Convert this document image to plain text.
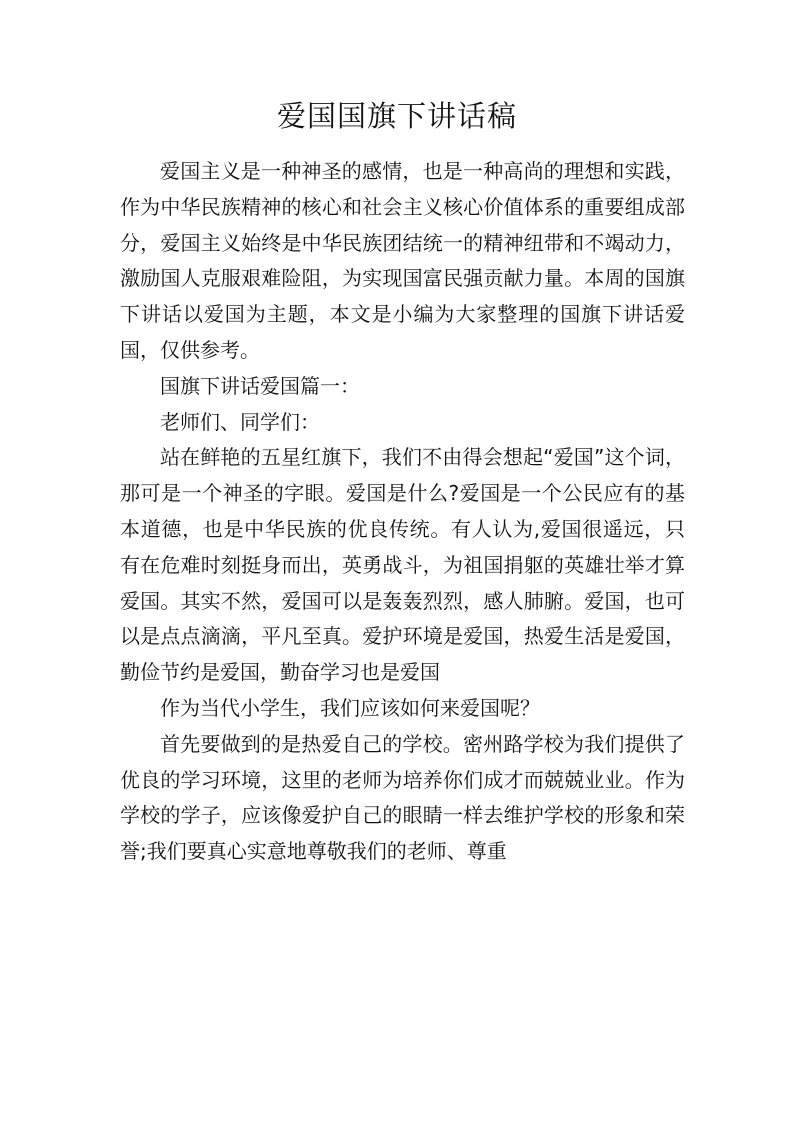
爱国国旗下讲话稿

爱国主义是一种神圣的感情，也是一种高尚的理想和实践，作为中华民族精神的核心和社会主义核心价值体系的重要组成部分，爱国主义始终是中华民族团结统一的精神纽带和不竭动力，激励国人克服艰难险阻，为实现国富民强贡献力量。本周的国旗下讲话以爱国为主题，本文是小编为大家整理的国旗下讲话爱国，仅供参考。

国旗下讲话爱国篇一：

老师们、同学们：

站在鲜艳的五星红旗下，我们不由得会想起“爱国”这个词，那可是一个神圣的字眼。爱国是什么?爱国是一个公民应有的基本道德，也是中华民族的优良传统。有人认为,爱国很遥远，只有在危难时刻挺身而出，英勇战斗，为祖国捐躯的英雄壮举才算爱国。其实不然，爱国可以是轰轰烈烈，感人肺腑。爱国，也可以是点点滴滴，平凡至真。爱护环境是爱国，热爱生活是爱国，勤俭节约是爱国，勤奋学习也是爱国

作为当代小学生，我们应该如何来爱国呢？

首先要做到的是热爱自己的学校。密州路学校为我们提供了优良的学习环境，这里的老师为培养你们成才而兢兢业业。作为学校的学子，应该像爱护自己的眼睛一样去维护学校的形象和荣誉;我们要真心实意地尊敬我们的老师、尊重
